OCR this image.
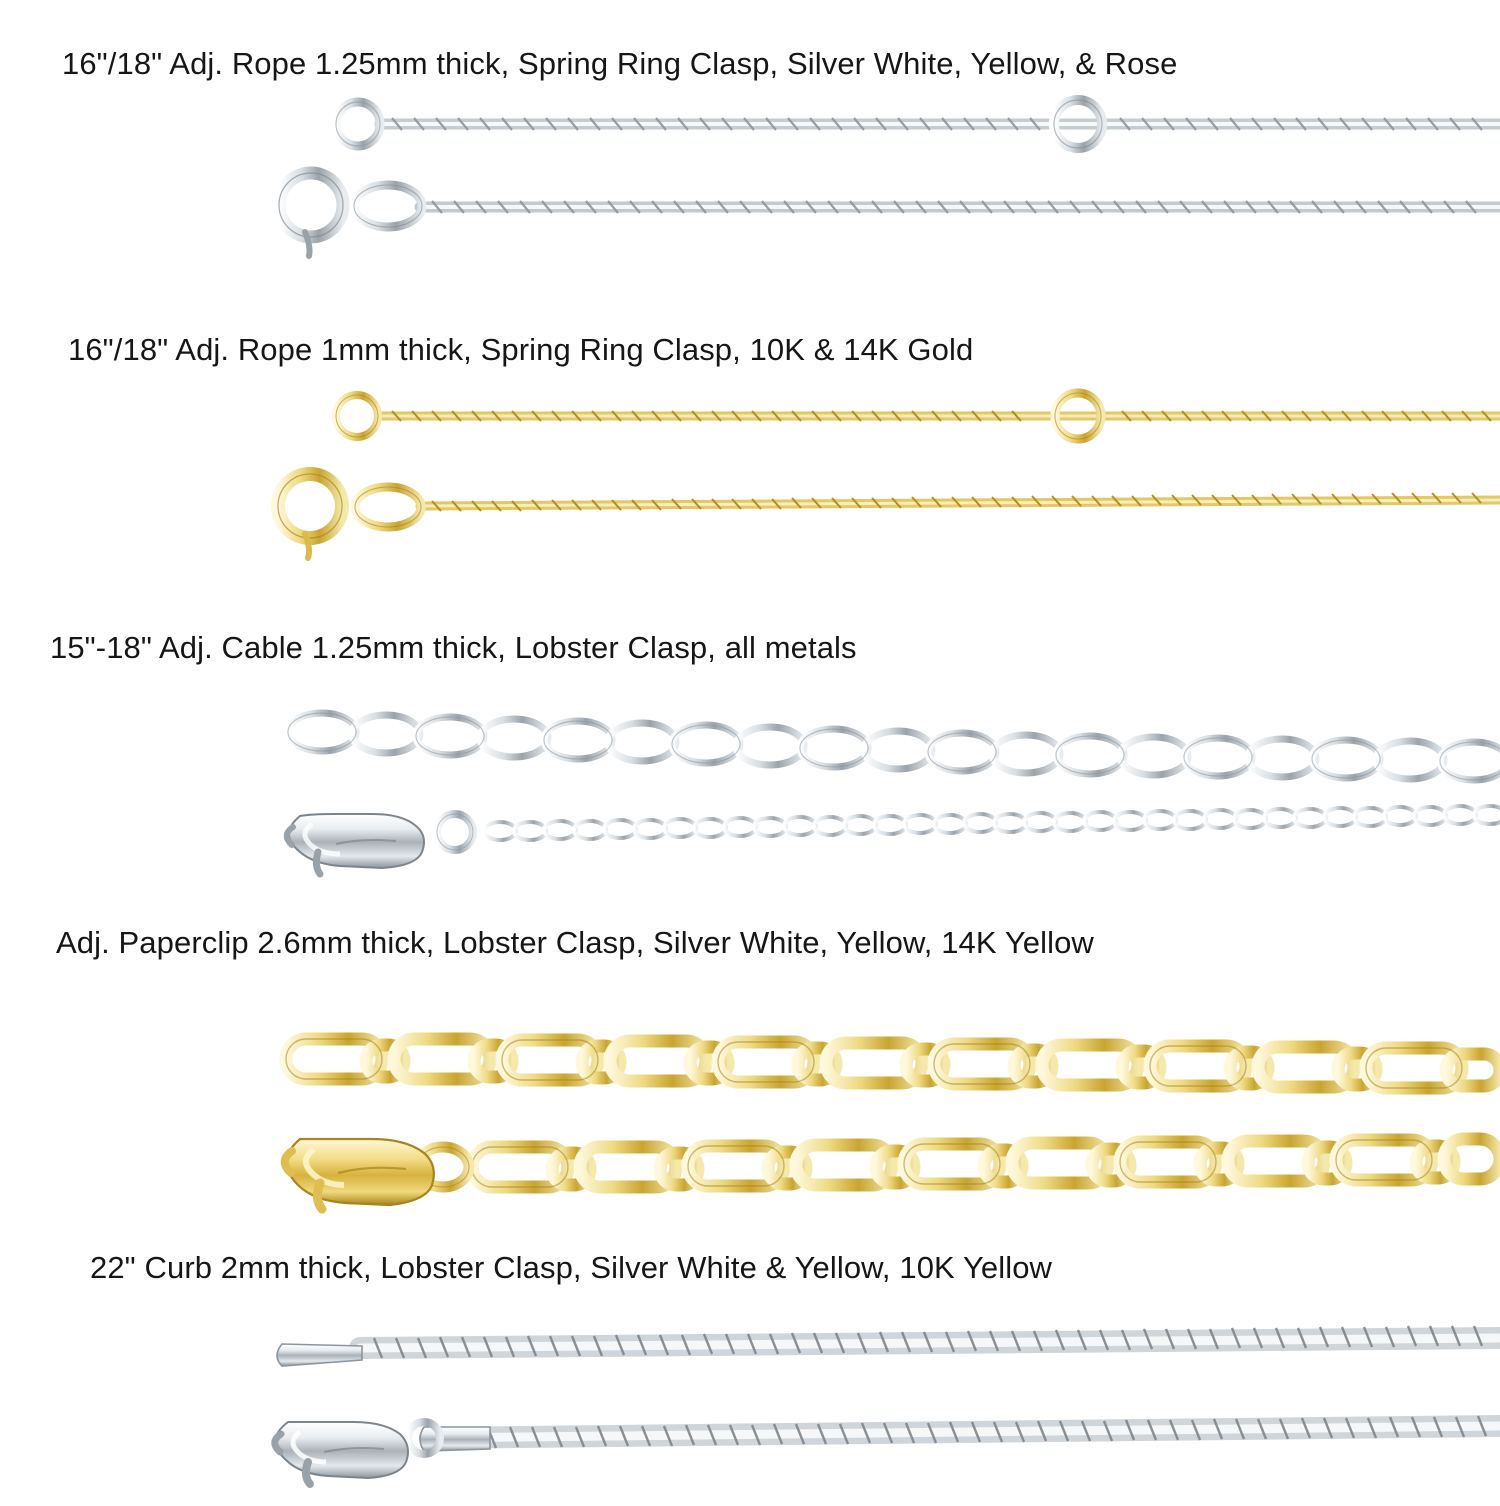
16"/18" Adj. Rope 1.25mm thick, Spring Ring Clasp, Silver White, Yellow, & Rose
16"/18" Adj. Rope 1mm thick, Spring Ring Clasp, 10K & 14K Gold
15"-18" Adj. Cable 1.25mm thick, Lobster Clasp, all metals
Adj. Paperclip 2.6mm thick, Lobster Clasp, Silver White, Yellow, 14K Yellow
22" Curb 2mm thick, Lobster Clasp, Silver White & Yellow, 10K Yellow
